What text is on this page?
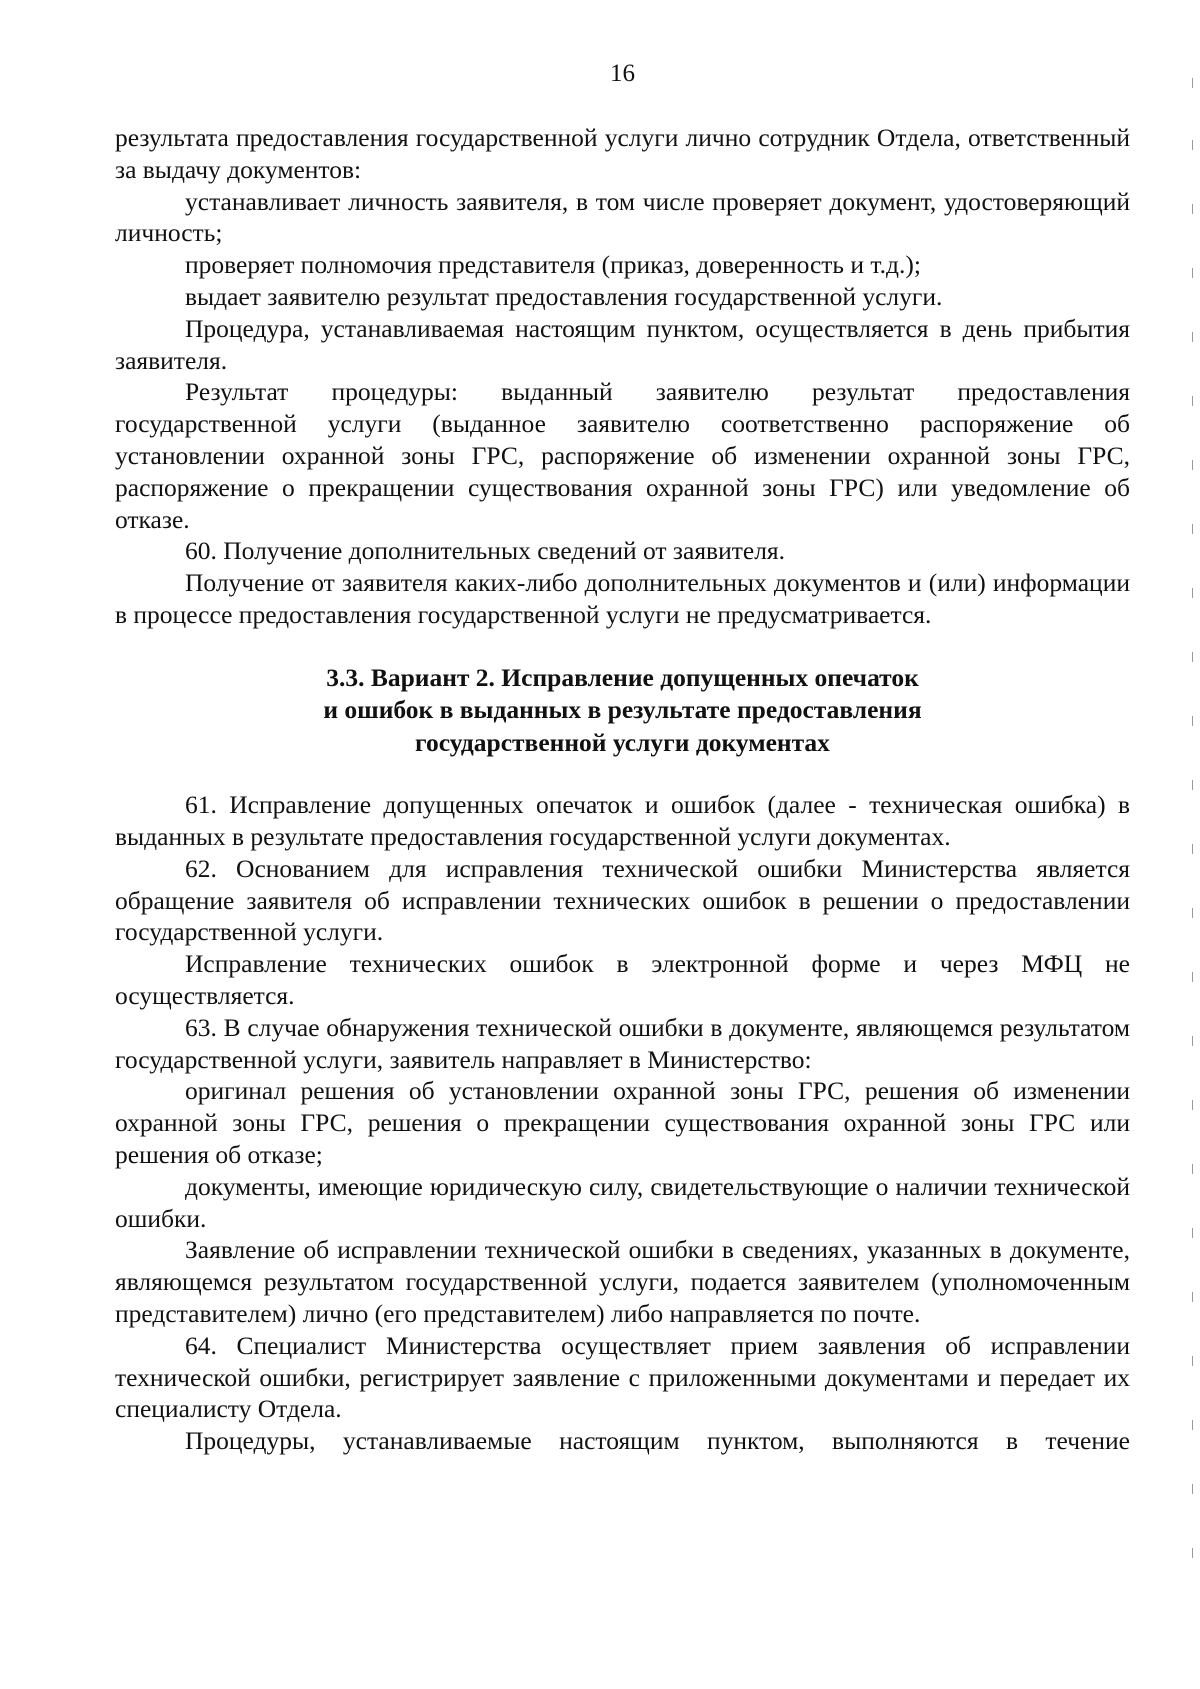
16

результата предоставления государственной услуги лично сотрудник Отдела, ответственный за выдачу документов:

устанавливает личность заявителя, в том числе проверяет документ, удостоверяющий личность;

проверяет полномочия представителя (приказ, доверенность и т.д.);

выдает заявителю результат предоставления государственной услуги.

Процедура, устанавливаемая настоящим пунктом, осуществляется в день прибытия заявителя.

Результат процедуры: выданный заявителю результат предоставления государственной услуги (выданное заявителю соответственно распоряжение об установлении охранной зоны ГРС, распоряжение об изменении охранной зоны ГРС, распоряжение о прекращении существования охранной зоны ГРС) или уведомление об отказе.

60. Получение дополнительных сведений от заявителя.

Получение от заявителя каких-либо дополнительных документов и (или) информации в процессе предоставления государственной услуги не предусматривается.

3.3. Вариант 2. Исправление допущенных опечаток
и ошибок в выданных в результате предоставления
государственной услуги документах

61. Исправление допущенных опечаток и ошибок (далее - техническая ошибка) в выданных в результате предоставления государственной услуги документах.

62. Основанием для исправления технической ошибки Министерства является обращение заявителя об исправлении технических ошибок в решении о предоставлении государственной услуги.

Исправление технических ошибок в электронной форме и через МФЦ не осуществляется.

63. В случае обнаружения технической ошибки в документе, являющемся результатом государственной услуги, заявитель направляет в Министерство:

оригинал решения об установлении охранной зоны ГРС, решения об изменении охранной зоны ГРС, решения о прекращении существования охранной зоны ГРС или решения об отказе;

документы, имеющие юридическую силу, свидетельствующие о наличии технической ошибки.

Заявление об исправлении технической ошибки в сведениях, указанных в документе, являющемся результатом государственной услуги, подается заявителем (уполномоченным представителем) лично (его представителем) либо направляется по почте.

64. Специалист Министерства осуществляет прием заявления об исправлении технической ошибки, регистрирует заявление с приложенными документами и передает их специалисту Отдела.

Процедуры, устанавливаемые настоящим пунктом, выполняются в течение
